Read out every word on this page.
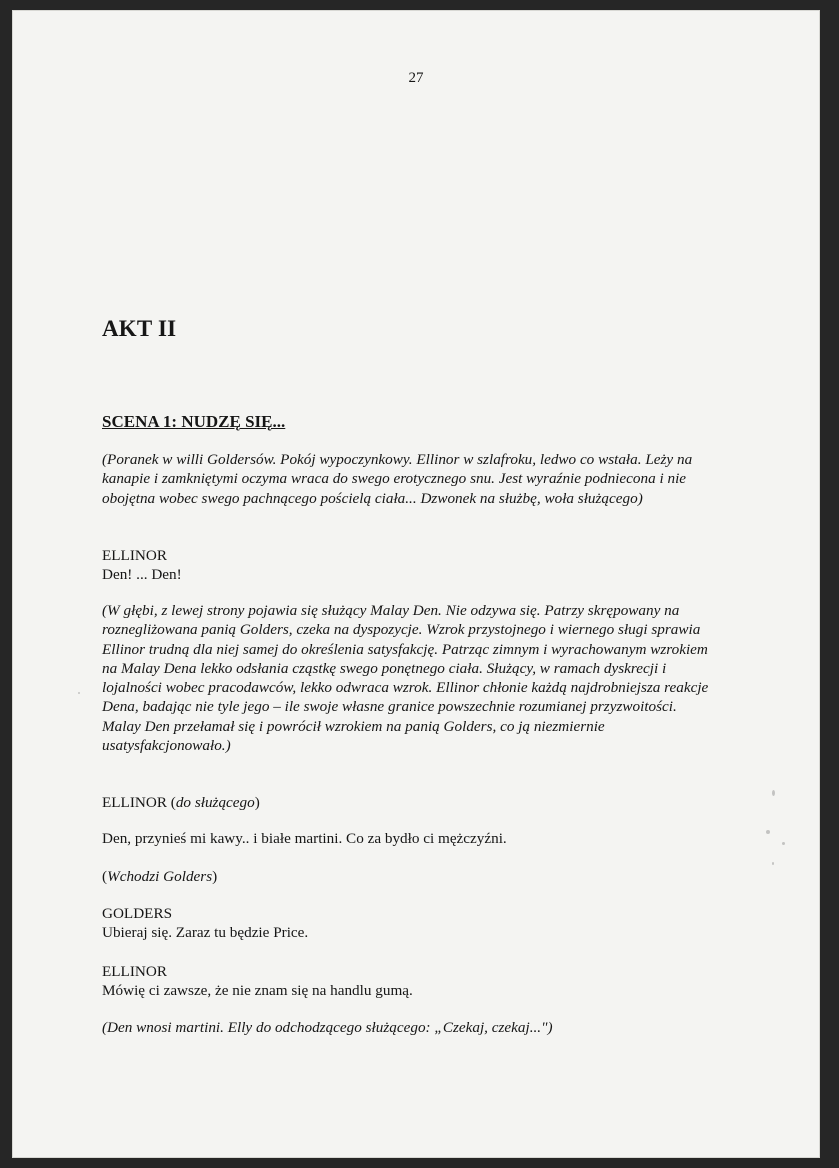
27
AKT II
SCENA 1: NUDZĘ SIĘ...

(Poranek w willi Goldersów. Pokój wypoczynkowy. Ellinor w szlafroku, ledwo co wstała. Leży na kanapie i zamkniętymi oczyma wraca do swego erotycznego snu. Jest wyraźnie podniecona i nie obojętna wobec swego pachnącego pościelą ciała... Dzwonek na służbę, woła służącego)

ELLINOR
Den! ... Den!

(W głębi, z lewej strony pojawia się służący Malay Den. Nie odzywa się. Patrzy skrępowany na roznegliżowana panią Golders, czeka na dyspozycje. Wzrok przystojnego i wiernego sługi sprawia Ellinor trudną dla niej samej do określenia satysfakcję. Patrząc zimnym i wyrachowanym wzrokiem na Malay Dena lekko odsłania cząstkę swego ponętnego ciała. Służący, w ramach dyskrecji i lojalności wobec pracodawców, lekko odwraca wzrok. Ellinor chłonie każdą najdrobniejsza reakcje Dena, badając nie tyle jego – ile swoje własne granice powszechnie rozumianej przyzwoitości. Malay Den przełamał się i powrócił wzrokiem na panią Golders, co ją niezmiernie usatysfakcjonowało.)

ELLINOR (do służącego)
Den, przynieś mi kawy.. i białe martini. Co za bydło ci mężczyźni.
(Wchodzi Golders)
GOLDERS
Ubieraj się. Zaraz tu będzie Price.
ELLINOR
Mówię ci zawsze, że nie znam się na handlu gumą.

(Den wnosi martini. Elly do odchodzącego służącego: „Czekaj, czekaj...")
